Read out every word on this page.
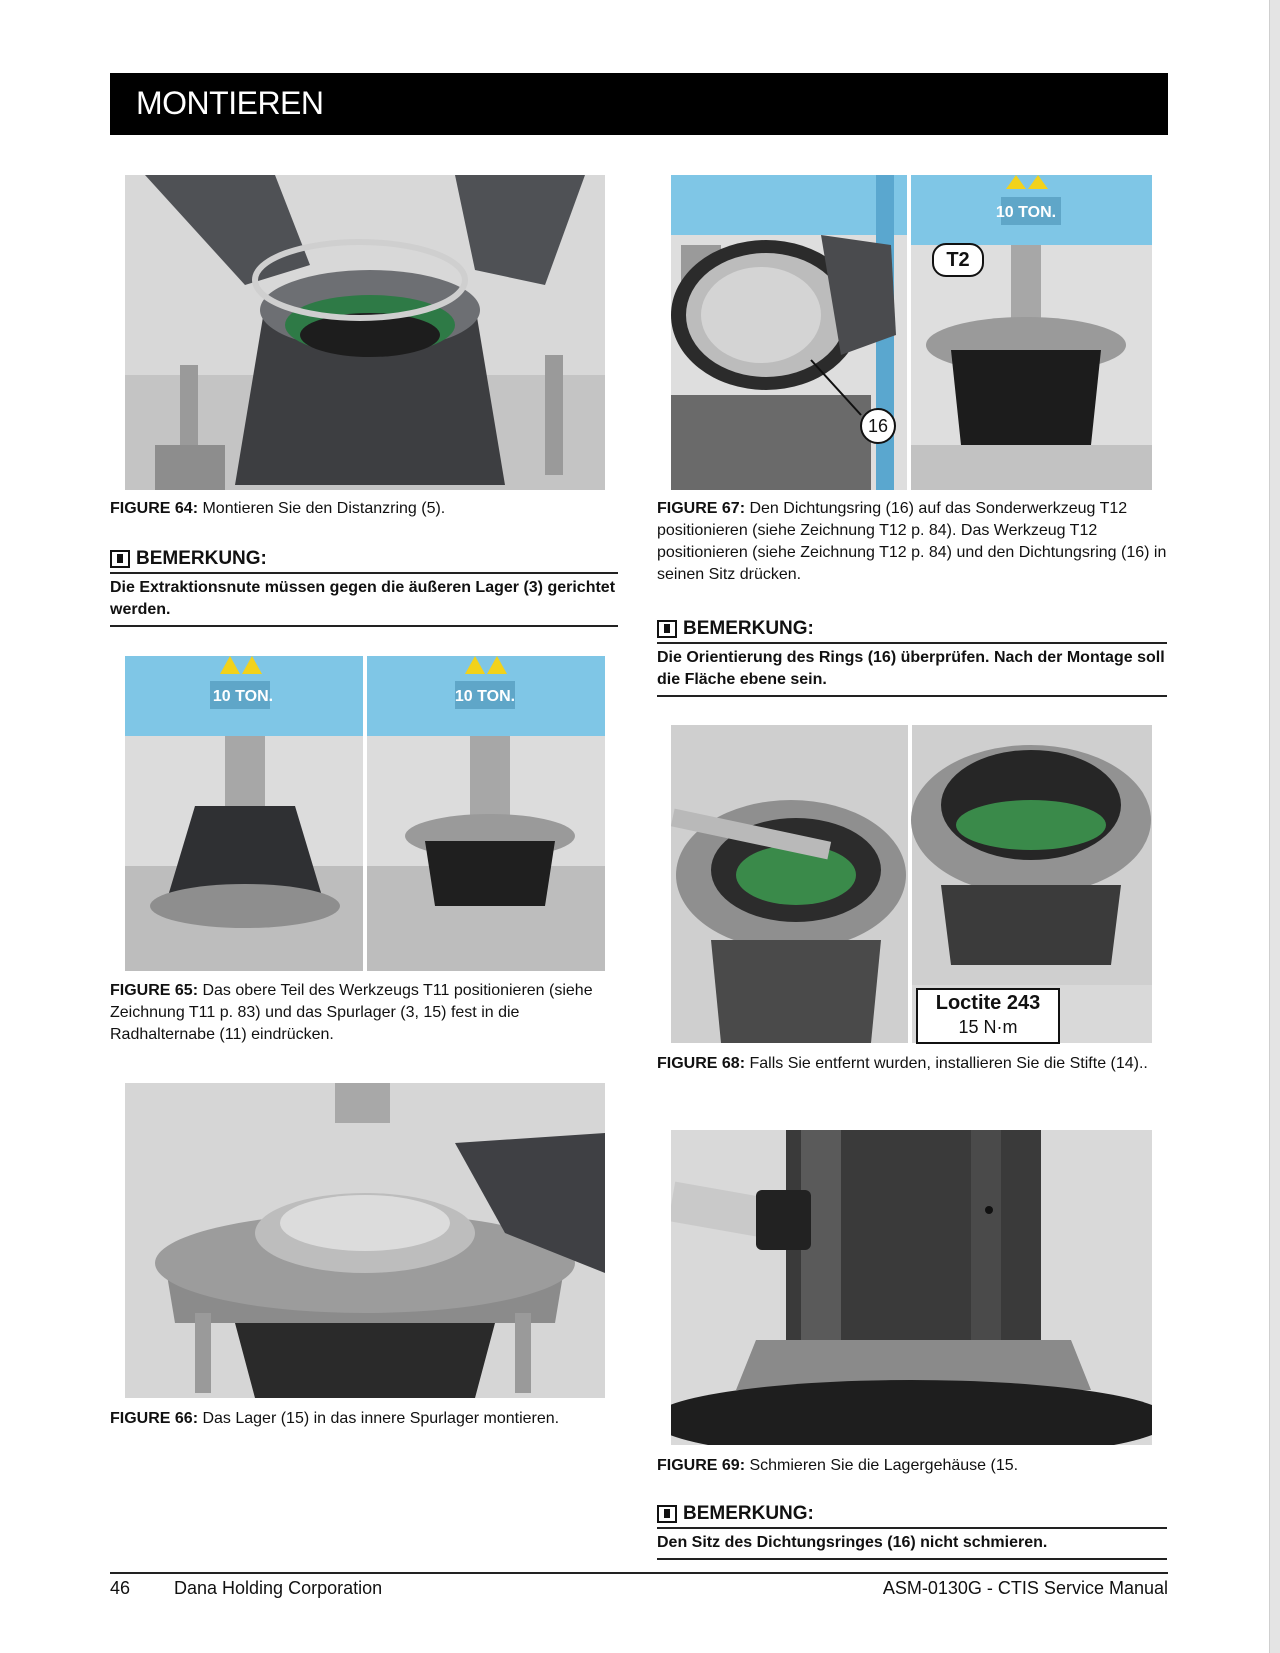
MONTIEREN
FIGURE 64: Montieren Sie den Distanzring (5).
BEMERKUNG:
Die Extraktionsnute müssen gegen die äußeren Lager (3) gerichtet werden.
10 TON.	10 TON.
FIGURE 65: Das obere Teil des Werkzeugs T11 positionieren (siehe Zeichnung T11 p. 83) und das Spurlager (3, 15) fest in die Radhalternabe (11) eindrücken.
FIGURE 66: Das Lager (15) in das innere Spurlager montieren.
10 TON.
T2
16
FIGURE 67: Den Dichtungsring (16) auf das Sonderwerkzeug T12 positionieren (siehe Zeichnung T12 p. 84). Das Werkzeug T12 positionieren (siehe Zeichnung T12 p. 84) und den Dichtungsring (16) in seinen Sitz drücken.
BEMERKUNG:
Die Orientierung des Rings (16) überprüfen. Nach der Montage soll die Fläche ebene sein.
Loctite 243
15 N·m
FIGURE 68: Falls Sie entfernt wurden, installieren Sie die Stifte (14)..
FIGURE 69: Schmieren Sie die Lagergehäuse (15.
BEMERKUNG:
Den Sitz des Dichtungsringes (16) nicht schmieren.
46 Dana Holding Corporation	ASM-0130G - CTIS Service Manual
